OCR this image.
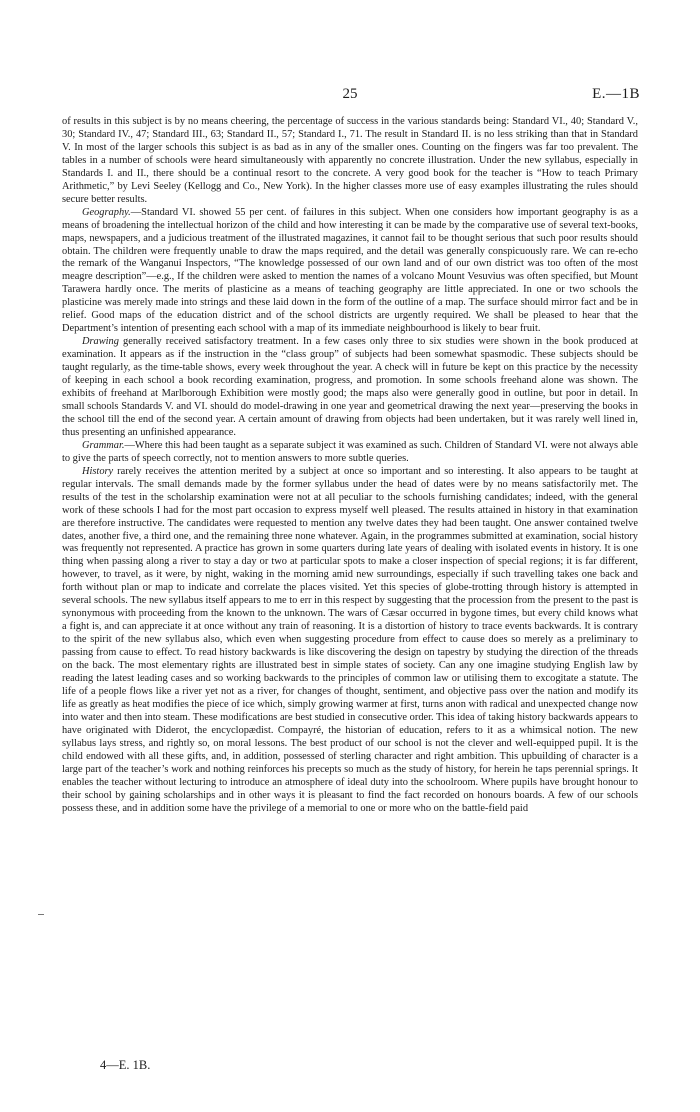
25	E.—1B

of results in this subject is by no means cheering, the percentage of success in the various standards being: Standard VI., 40; Standard V., 30; Standard IV., 47; Standard III., 63; Standard II., 57; Standard I., 71. The result in Standard II. is no less striking than that in Standard V. In most of the larger schools this subject is as bad as in any of the smaller ones. Counting on the fingers was far too prevalent. The tables in a number of schools were heard simultaneously with apparently no concrete illustration. Under the new syllabus, especially in Standards I. and II., there should be a continual resort to the concrete. A very good book for the teacher is “How to teach Primary Arithmetic,” by Levi Seeley (Kellogg and Co., New York). In the higher classes more use of easy examples illustrating the rules should secure better results.

Geography.—Standard VI. showed 55 per cent. of failures in this subject. When one considers how important geography is as a means of broadening the intellectual horizon of the child and how interesting it can be made by the comparative use of several text-books, maps, newspapers, and a judicious treatment of the illustrated magazines, it cannot fail to be thought serious that such poor results should obtain. The children were frequently unable to draw the maps required, and the detail was generally conspicuously rare. We can re-echo the remark of the Wanganui Inspectors, “The knowledge possessed of our own land and of our own district was too often of the most meagre description”—e.g., If the children were asked to mention the names of a volcano Mount Vesuvius was often specified, but Mount Tarawera hardly once. The merits of plasticine as a means of teaching geography are little appreciated. In one or two schools the plasticine was merely made into strings and these laid down in the form of the outline of a map. The surface should mirror fact and be in relief. Good maps of the education district and of the school districts are urgently required. We shall be pleased to hear that the Department’s intention of presenting each school with a map of its immediate neighbourhood is likely to bear fruit.

Drawing generally received satisfactory treatment. In a few cases only three to six studies were shown in the book produced at examination. It appears as if the instruction in the “class group” of subjects had been somewhat spasmodic. These subjects should be taught regularly, as the time-table shows, every week throughout the year. A check will in future be kept on this practice by the necessity of keeping in each school a book recording examination, progress, and promotion. In some schools freehand alone was shown. The exhibits of freehand at Marlborough Exhibition were mostly good; the maps also were generally good in outline, but poor in detail. In small schools Standards V. and VI. should do model-drawing in one year and geometrical drawing the next year—preserving the books in the school till the end of the second year. A certain amount of drawing from objects had been undertaken, but it was rarely well lined in, thus presenting an unfinished appearance.

Grammar.—Where this had been taught as a separate subject it was examined as such. Children of Standard VI. were not always able to give the parts of speech correctly, not to mention answers to more subtle queries.

History rarely receives the attention merited by a subject at once so important and so interesting. It also appears to be taught at regular intervals. The small demands made by the former syllabus under the head of dates were by no means satisfactorily met. The results of the test in the scholarship examination were not at all peculiar to the schools furnishing candidates; indeed, with the general work of these schools I had for the most part occasion to express myself well pleased. The results attained in history in that examination are therefore instructive. The candidates were requested to mention any twelve dates they had been taught. One answer contained twelve dates, another five, a third one, and the remaining three none whatever. Again, in the programmes submitted at examination, social history was frequently not represented. A practice has grown in some quarters during late years of dealing with isolated events in history. It is one thing when passing along a river to stay a day or two at particular spots to make a closer inspection of special regions; it is far different, however, to travel, as it were, by night, waking in the morning amid new surroundings, especially if such travelling takes one back and forth without plan or map to indicate and correlate the places visited. Yet this species of globe-trotting through history is attempted in several schools. The new syllabus itself appears to me to err in this respect by suggesting that the procession from the present to the past is synonymous with proceeding from the known to the unknown. The wars of Cæsar occurred in bygone times, but every child knows what a fight is, and can appreciate it at once without any train of reasoning. It is a distortion of history to trace events backwards. It is contrary to the spirit of the new syllabus also, which even when suggesting procedure from effect to cause does so merely as a preliminary to passing from cause to effect. To read history backwards is like discovering the design on tapestry by studying the direction of the threads on the back. The most elementary rights are illustrated best in simple states of society. Can any one imagine studying English law by reading the latest leading cases and so working backwards to the principles of common law or utilising them to excogitate a statute. The life of a people flows like a river yet not as a river, for changes of thought, sentiment, and objective pass over the nation and modify its life as greatly as heat modifies the piece of ice which, simply growing warmer at first, turns anon with radical and unexpected change now into water and then into steam. These modifications are best studied in consecutive order. This idea of taking history backwards appears to have originated with Diderot, the encyclopædist. Compayré, the historian of education, refers to it as a whimsical notion. The new syllabus lays stress, and rightly so, on moral lessons. The best product of our school is not the clever and well-equipped pupil. It is the child endowed with all these gifts, and, in addition, possessed of sterling character and right ambition. This upbuilding of character is a large part of the teacher’s work and nothing reinforces his precepts so much as the study of history, for herein he taps perennial springs. It enables the teacher without lecturing to introduce an atmosphere of ideal duty into the schoolroom. Where pupils have brought honour to their school by gaining scholarships and in other ways it is pleasant to find the fact recorded on honours boards. A few of our schools possess these, and in addition some have the privilege of a memorial to one or more who on the battle-field paid

4—E. 1B.
